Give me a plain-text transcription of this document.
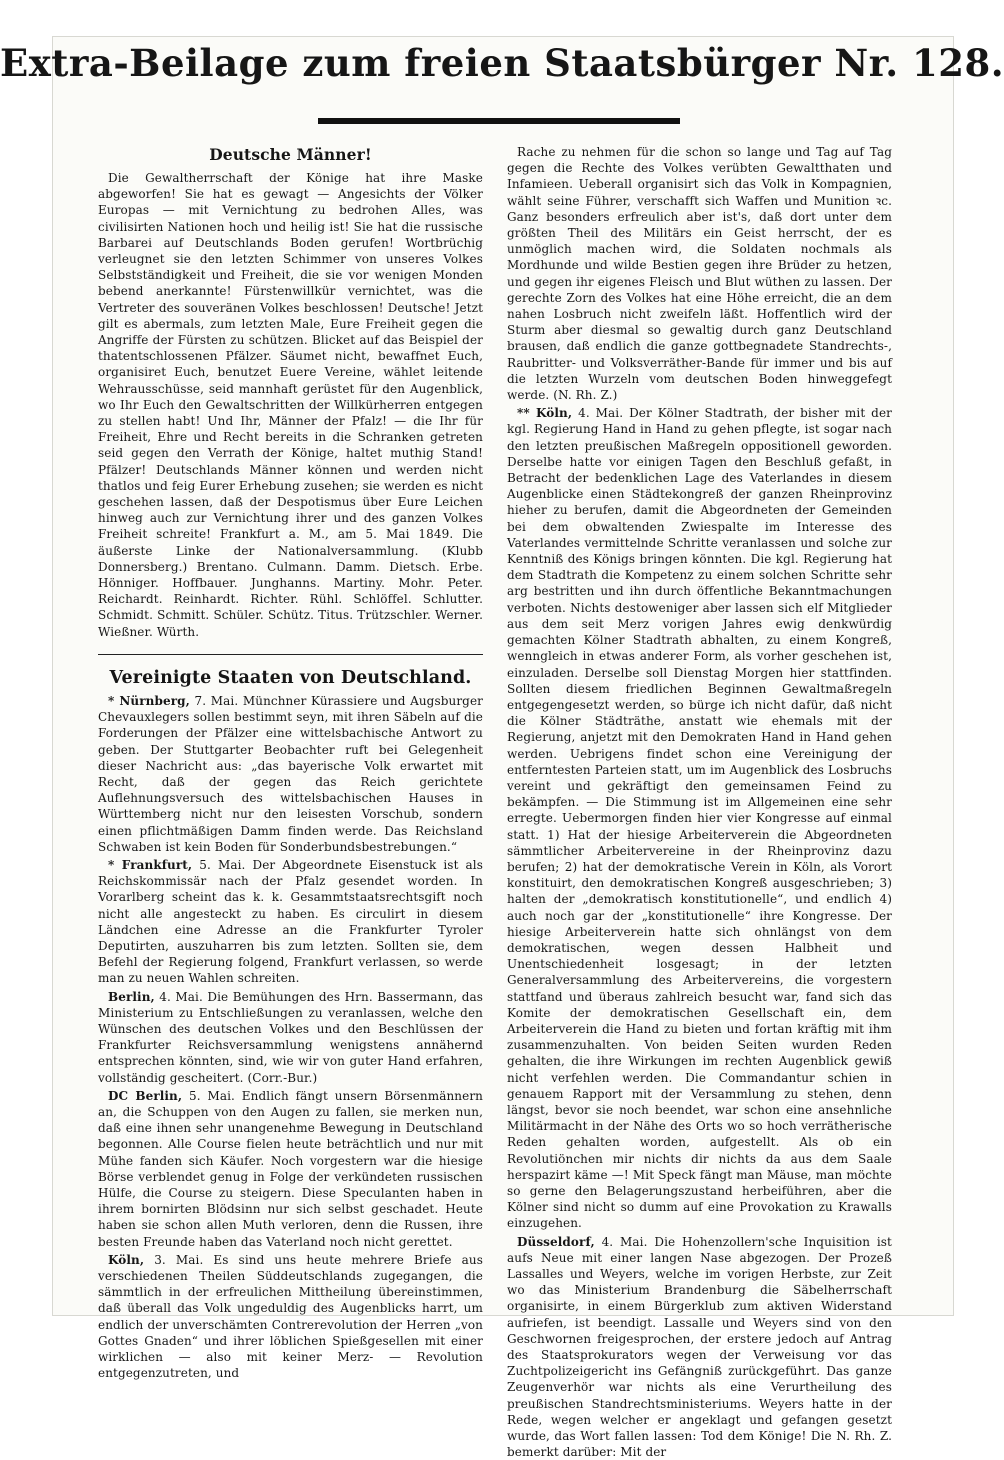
Extra-Beilage zum freien Staatsbürger Nr. 128.
Deutsche Männer!

Die Gewaltherrschaft der Könige hat ihre Maske abgeworfen! Sie hat es gewagt — Angesichts der Völker Europas — mit Vernichtung zu bedrohen Alles, was civilisirten Nationen hoch und heilig ist! Sie hat die russische Barbarei auf Deutschlands Boden gerufen! Wortbrüchig verleugnet sie den letzten Schimmer von unseres Volkes Selbstständigkeit und Freiheit, die sie vor wenigen Monden bebend anerkannte! Fürstenwillkür vernichtet, was die Vertreter des souveränen Volkes beschlossen! Deutsche! Jetzt gilt es abermals, zum letzten Male, Eure Freiheit gegen die Angriffe der Fürsten zu schützen. Blicket auf das Beispiel der thatentschlossenen Pfälzer. Säumet nicht, bewaffnet Euch, organisiret Euch, benutzet Euere Vereine, wählet leitende Wehrausschüsse, seid mannhaft gerüstet für den Augenblick, wo Ihr Euch den Gewaltschritten der Willkürherren entgegen zu stellen habt! Und Ihr, Männer der Pfalz! — die Ihr für Freiheit, Ehre und Recht bereits in die Schranken getreten seid gegen den Verrath der Könige, haltet muthig Stand! Pfälzer! Deutschlands Männer können und werden nicht thatlos und feig Eurer Erhebung zusehen; sie werden es nicht geschehen lassen, daß der Despotismus über Eure Leichen hinweg auch zur Vernichtung ihrer und des ganzen Volkes Freiheit schreite! Frankfurt a. M., am 5. Mai 1849. Die äußerste Linke der Nationalversammlung. (Klubb Donnersberg.) Brentano. Culmann. Damm. Dietsch. Erbe. Hönniger. Hoffbauer. Junghanns. Martiny. Mohr. Peter. Reichardt. Reinhardt. Richter. Rühl. Schlöffel. Schlutter. Schmidt. Schmitt. Schüler. Schütz. Titus. Trützschler. Werner. Wießner. Würth.

Vereinigte Staaten von Deutschland.

* Nürnberg, 7. Mai. Münchner Kürassiere und Augsburger Chevauxlegers sollen bestimmt seyn, mit ihren Säbeln auf die Forderungen der Pfälzer eine wittelsbachische Antwort zu geben. Der Stuttgarter Beobachter ruft bei Gelegenheit dieser Nachricht aus: „das bayerische Volk erwartet mit Recht, daß der gegen das Reich gerichtete Auflehnungsversuch des wittelsbachischen Hauses in Württemberg nicht nur den leisesten Vorschub, sondern einen pflichtmäßigen Damm finden werde. Das Reichsland Schwaben ist kein Boden für Sonderbundsbestrebungen.“

* Frankfurt, 5. Mai. Der Abgeordnete Eisenstuck ist als Reichskommissär nach der Pfalz gesendet worden. In Vorarlberg scheint das k. k. Gesammtstaatsrechtsgift noch nicht alle angesteckt zu haben. Es circulirt in diesem Ländchen eine Adresse an die Frankfurter Tyroler Deputirten, auszuharren bis zum letzten. Sollten sie, dem Befehl der Regierung folgend, Frankfurt verlassen, so werde man zu neuen Wahlen schreiten.

Berlin, 4. Mai. Die Bemühungen des Hrn. Bassermann, das Ministerium zu Entschließungen zu veranlassen, welche den Wünschen des deutschen Volkes und den Beschlüssen der Frankfurter Reichsversammlung wenigstens annähernd entsprechen könnten, sind, wie wir von guter Hand erfahren, vollständig gescheitert. (Corr.-Bur.)

DC Berlin, 5. Mai. Endlich fängt unsern Börsenmännern an, die Schuppen von den Augen zu fallen, sie merken nun, daß eine ihnen sehr unangenehme Bewegung in Deutschland begonnen. Alle Course fielen heute beträchtlich und nur mit Mühe fanden sich Käufer. Noch vorgestern war die hiesige Börse verblendet genug in Folge der verkündeten russischen Hülfe, die Course zu steigern. Diese Speculanten haben in ihrem bornirten Blödsinn nur sich selbst geschadet. Heute haben sie schon allen Muth verloren, denn die Russen, ihre besten Freunde haben das Vaterland noch nicht gerettet.

Köln, 3. Mai. Es sind uns heute mehrere Briefe aus verschiedenen Theilen Süddeutschlands zugegangen, die sämmtlich in der erfreulichen Mittheilung übereinstimmen, daß überall das Volk ungeduldig des Augenblicks harrt, um endlich der unverschämten Contrerevolution der Herren „von Gottes Gnaden“ und ihrer löblichen Spießgesellen mit einer wirklichen — also mit keiner Merz- — Revolution entgegenzutreten, und

Rache zu nehmen für die schon so lange und Tag auf Tag gegen die Rechte des Volkes verübten Gewaltthaten und Infamieen. Ueberall organisirt sich das Volk in Kompagnien, wählt seine Führer, verschafft sich Waffen und Munition ꝛc. Ganz besonders erfreulich aber ist's, daß dort unter dem größten Theil des Militärs ein Geist herrscht, der es unmöglich machen wird, die Soldaten nochmals als Mordhunde und wilde Bestien gegen ihre Brüder zu hetzen, und gegen ihr eigenes Fleisch und Blut wüthen zu lassen. Der gerechte Zorn des Volkes hat eine Höhe erreicht, die an dem nahen Losbruch nicht zweifeln läßt. Hoffentlich wird der Sturm aber diesmal so gewaltig durch ganz Deutschland brausen, daß endlich die ganze gottbegnadete Standrechts-, Raubritter- und Volksverräther-Bande für immer und bis auf die letzten Wurzeln vom deutschen Boden hinweggefegt werde. (N. Rh. Z.)

** Köln, 4. Mai. Der Kölner Stadtrath, der bisher mit der kgl. Regierung Hand in Hand zu gehen pflegte, ist sogar nach den letzten preußischen Maßregeln oppositionell geworden. Derselbe hatte vor einigen Tagen den Beschluß gefaßt, in Betracht der bedenklichen Lage des Vaterlandes in diesem Augenblicke einen Städtekongreß der ganzen Rheinprovinz hieher zu berufen, damit die Abgeordneten der Gemeinden bei dem obwaltenden Zwiespalte im Interesse des Vaterlandes vermittelnde Schritte veranlassen und solche zur Kenntniß des Königs bringen könnten. Die kgl. Regierung hat dem Stadtrath die Kompetenz zu einem solchen Schritte sehr arg bestritten und ihn durch öffentliche Bekanntmachungen verboten. Nichts destoweniger aber lassen sich elf Mitglieder aus dem seit Merz vorigen Jahres ewig denkwürdig gemachten Kölner Stadtrath abhalten, zu einem Kongreß, wenngleich in etwas anderer Form, als vorher geschehen ist, einzuladen. Derselbe soll Dienstag Morgen hier stattfinden. Sollten diesem friedlichen Beginnen Gewaltmaßregeln entgegengesetzt werden, so bürge ich nicht dafür, daß nicht die Kölner Städträthe, anstatt wie ehemals mit der Regierung, anjetzt mit den Demokraten Hand in Hand gehen werden. Uebrigens findet schon eine Vereinigung der entferntesten Parteien statt, um im Augenblick des Losbruchs vereint und gekräftigt den gemeinsamen Feind zu bekämpfen. — Die Stimmung ist im Allgemeinen eine sehr erregte. Uebermorgen finden hier vier Kongresse auf einmal statt. 1) Hat der hiesige Arbeiterverein die Abgeordneten sämmtlicher Arbeitervereine in der Rheinprovinz dazu berufen; 2) hat der demokratische Verein in Köln, als Vorort konstituirt, den demokratischen Kongreß ausgeschrieben; 3) halten der „demokratisch konstitutionelle“, und endlich 4) auch noch gar der „konstitutionelle“ ihre Kongresse. Der hiesige Arbeiterverein hatte sich ohnlängst von dem demokratischen, wegen dessen Halbheit und Unentschiedenheit losgesagt; in der letzten Generalversammlung des Arbeitervereins, die vorgestern stattfand und überaus zahlreich besucht war, fand sich das Komite der demokratischen Gesellschaft ein, dem Arbeiterverein die Hand zu bieten und fortan kräftig mit ihm zusammenzuhalten. Von beiden Seiten wurden Reden gehalten, die ihre Wirkungen im rechten Augenblick gewiß nicht verfehlen werden. Die Commandantur schien in genauem Rapport mit der Versammlung zu stehen, denn längst, bevor sie noch beendet, war schon eine ansehnliche Militärmacht in der Nähe des Orts wo so hoch verrätherische Reden gehalten worden, aufgestellt. Als ob ein Revolutiönchen mir nichts dir nichts da aus dem Saale herspazirt käme —! Mit Speck fängt man Mäuse, man möchte so gerne den Belagerungszustand herbeiführen, aber die Kölner sind nicht so dumm auf eine Provokation zu Krawalls einzugehen.

Düsseldorf, 4. Mai. Die Hohenzollern'sche Inquisition ist aufs Neue mit einer langen Nase abgezogen. Der Prozeß Lassalles und Weyers, welche im vorigen Herbste, zur Zeit wo das Ministerium Brandenburg die Säbelherrschaft organisirte, in einem Bürgerklub zum aktiven Widerstand aufriefen, ist beendigt. Lassalle und Weyers sind von den Geschwornen freigesprochen, der erstere jedoch auf Antrag des Staatsprokurators wegen der Verweisung vor das Zuchtpolizeigericht ins Gefängniß zurückgeführt. Das ganze Zeugenverhör war nichts als eine Verurtheilung des preußischen Standrechtsministeriums. Weyers hatte in der Rede, wegen welcher er angeklagt und gefangen gesetzt wurde, das Wort fallen lassen: Tod dem Könige! Die N. Rh. Z. bemerkt darüber: Mit der
